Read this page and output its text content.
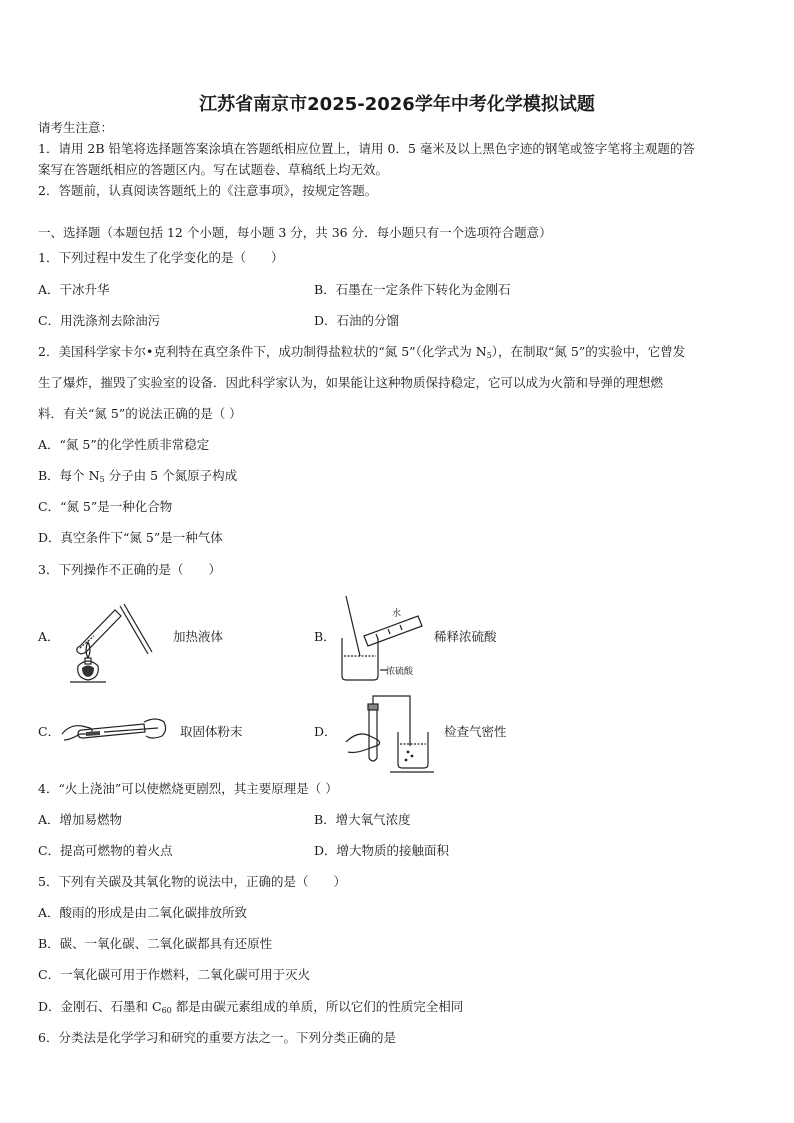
江苏省南京市2025-2026学年中考化学模拟试题
请考生注意：
1．请用 2B 铅笔将选择题答案涂填在答题纸相应位置上，请用 0．5 毫米及以上黑色字迹的钢笔或签字笔将主观题的答
案写在答题纸相应的答题区内。写在试题卷、草稿纸上均无效。
2．答题前，认真阅读答题纸上的《注意事项》，按规定答题。
一、选择题（本题包括 12 个小题，每小题 3 分，共 36 分．每小题只有一个选项符合题意）
1．下列过程中发生了化学变化的是（　　）
A．干冰升华	B．石墨在一定条件下转化为金刚石
C．用洗涤剂去除油污	D．石油的分馏
2．美国科学家卡尔•克利特在真空条件下，成功制得盐粒状的“氮 5”（化学式为 $N_5$），在制取“氮 5”的实验中，它曾发
生了爆炸，摧毁了实验室的设备．因此科学家认为，如果能让这种物质保持稳定，它可以成为火箭和导弹的理想燃
料．有关“氮 5”的说法正确的是（ ）
A．“氮 5”的化学性质非常稳定
B．每个 $N_5$ 分子由 5 个氮原子构成
C．“氮 5”是一种化合物
D．真空条件下“氮 5”是一种气体
3．下列操作不正确的是（　　）
A．	加热液体	B．
水
浓硫酸
稀释浓硫酸
C．	取固体粉末	D．	检查气密性
4．“火上浇油”可以使燃烧更剧烈，其主要原理是（ ）
A．增加易燃物	B．增大氧气浓度
C．提高可燃物的着火点	D．增大物质的接触面积
5．下列有关碳及其氧化物的说法中，正确的是（　　）
A．酸雨的形成是由二氧化碳排放所致
B．碳、一氧化碳、二氧化碳都具有还原性
C．一氧化碳可用于作燃料，二氧化碳可用于灭火
D．金刚石、石墨和 $C_{60}$ 都是由碳元素组成的单质，所以它们的性质完全相同
6．分类法是化学学习和研究的重要方法之一。下列分类正确的是
